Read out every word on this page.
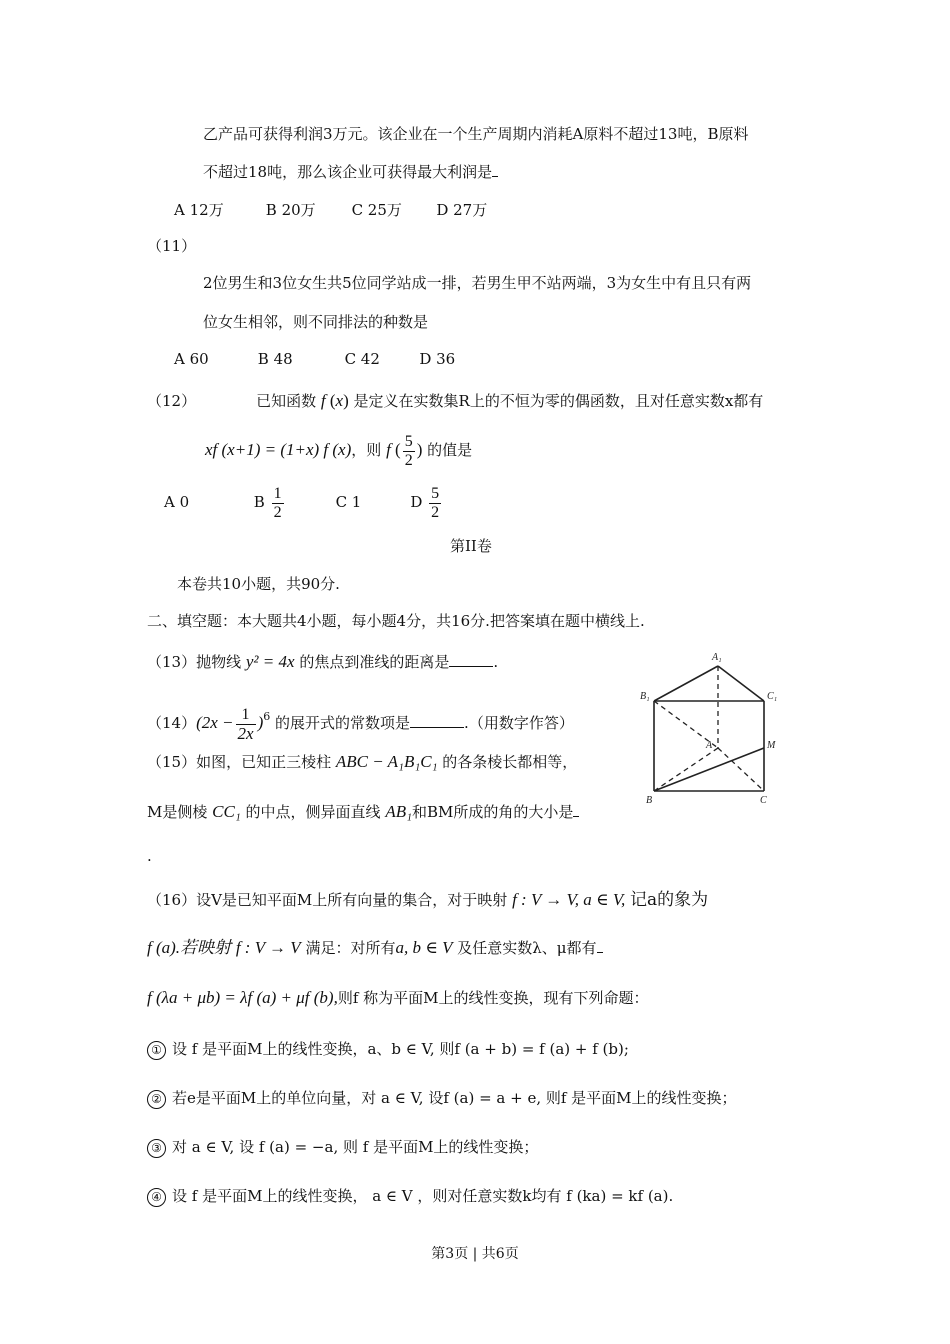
乙产品可获得利润3万元。该企业在一个生产周期内消耗A原料不超过13吨，B原料
不超过18吨，那么该企业可获得最大利润是
A 12万	B 20万 C 25万 D 27万
（11）
2位男生和3位女生共5位同学站成一排，若男生甲不站两端，3为女生中有且只有两
位女生相邻，则不同排法的种数是
A 60	B 48	C 42	D 36
（12）	已知函数 f (x) 是定义在实数集R上的不恒为零的偶函数，且对任意实数x都有
xf (x+1) = (1+x) f (x)，则 f ( $\frac{5}{2}$ ) 的值是
A 0	B $\frac{1}{2}$	C 1	D $\frac{5}{2}$
第II卷
本卷共10小题，共90分.
二、填空题：本大题共4小题，每小题4分，共16分.把答案填在题中横线上.
（13）抛物线 y² = 4x 的焦点到准线的距离是	.
$(14)(2x - \frac{1}{2x} )^6$ 的展开式的常数项是	.（用数字作答）
（15）如图，已知正三棱柱 ABC − A₁B₁C₁ 的各条棱长都相等，
M是侧棱 CC₁ 的中点，侧异面直线 AB₁和BM所成的角的大小是
.
A₁
B₁	C₁
A	M
B	C
（16）设V是已知平面M上所有向量的集合，对于映射 f : V → V, a ∈ V, 记a的象为
f (a).若映射 f : V → V 满足：对所有a, b ∈ V 及任意实数λ、μ都有
f (λa + μb) = λf (a) + μf (b),则f 称为平面M上的线性变换，现有下列命题：
① 设 f 是平面M上的线性变换，a、b ∈ V, 则f (a + b) = f (a) + f (b);
② 若e是平面M上的单位向量，对 a ∈ V, 设f (a) = a + e, 则f 是平面M上的线性变换；
③ 对 a ∈ V, 设 f (a) = −a, 则 f 是平面M上的线性变换；
④ 设 f 是平面M上的线性变换， a ∈ V ，则对任意实数k均有 f (ka) = kf (a).
第3页 | 共6页
